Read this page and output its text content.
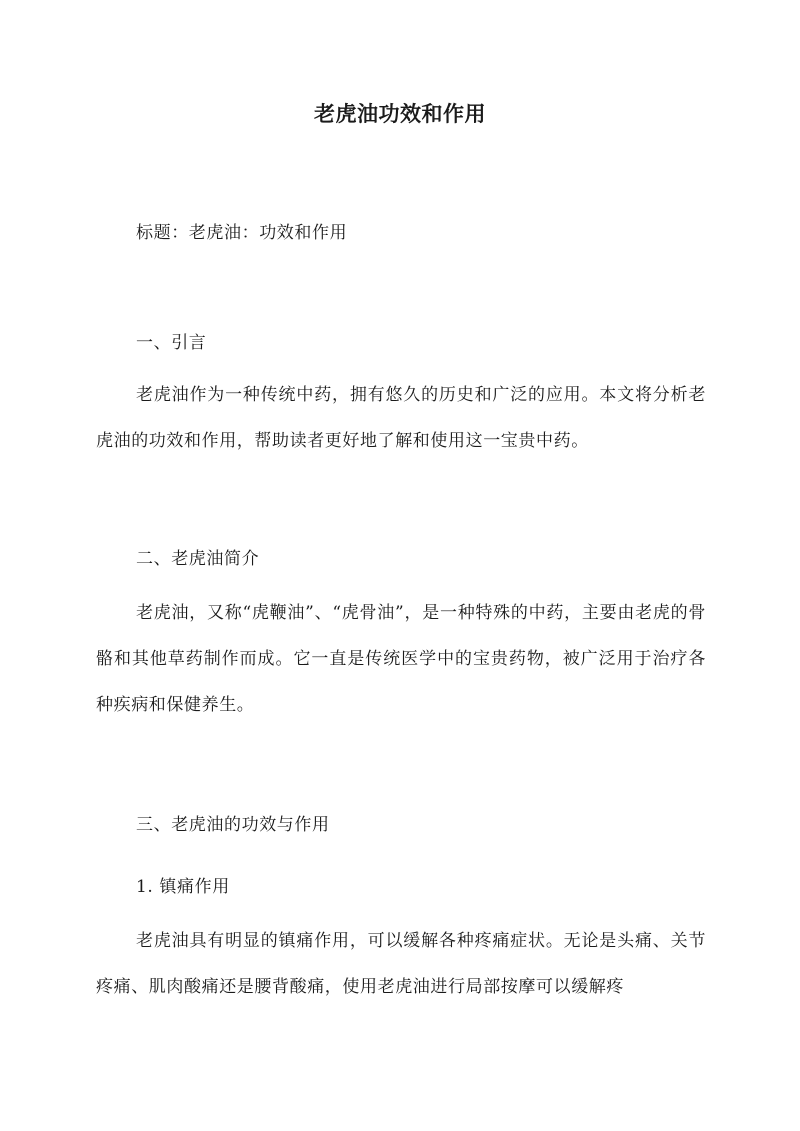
老虎油功效和作用
标题：老虎油：功效和作用
一、引言
老虎油作为一种传统中药，拥有悠久的历史和广泛的应用。本文将分析老虎油的功效和作用，帮助读者更好地了解和使用这一宝贵中药。
二、老虎油简介
老虎油，又称“虎鞭油”、“虎骨油”，是一种特殊的中药，主要由老虎的骨骼和其他草药制作而成。它一直是传统医学中的宝贵药物，被广泛用于治疗各种疾病和保健养生。
三、老虎油的功效与作用
1. 镇痛作用
老虎油具有明显的镇痛作用，可以缓解各种疼痛症状。无论是头痛、关节疼痛、肌肉酸痛还是腰背酸痛，使用老虎油进行局部按摩可以缓解疼
